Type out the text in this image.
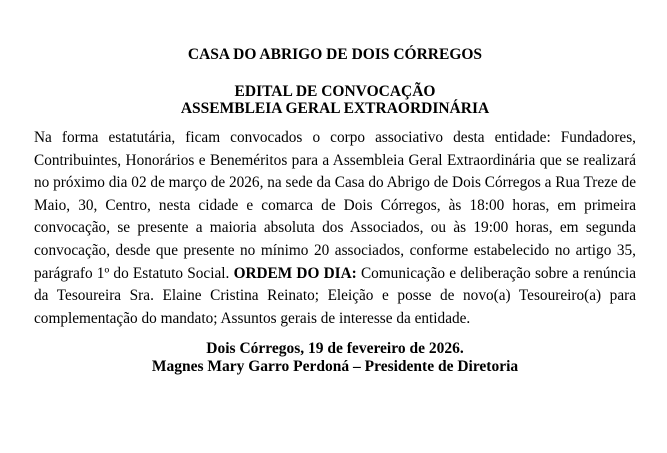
CASA DO ABRIGO DE DOIS CÓRREGOS
EDITAL DE CONVOCAÇÃO
ASSEMBLEIA GERAL EXTRAORDINÁRIA

Na forma estatutária, ficam convocados o corpo associativo desta entidade: Fundadores, Contribuintes, Honorários e Beneméritos para a Assembleia Geral Extraordinária que se realizará no próximo dia 02 de março de 2026, na sede da Casa do Abrigo de Dois Córregos a Rua Treze de Maio, 30, Centro, nesta cidade e comarca de Dois Córregos, às 18:00 horas, em primeira convocação, se presente a maioria absoluta dos Associados, ou às 19:00 horas, em segunda convocação, desde que presente no mínimo 20 associados, conforme estabelecido no artigo 35, parágrafo 1º do Estatuto Social. ORDEM DO DIA: Comunicação e deliberação sobre a renúncia da Tesoureira Sra. Elaine Cristina Reinato; Eleição e posse de novo(a) Tesoureiro(a) para complementação do mandato; Assuntos gerais de interesse da entidade.

Dois Córregos, 19 de fevereiro de 2026.
Magnes Mary Garro Perdoná – Presidente de Diretoria
